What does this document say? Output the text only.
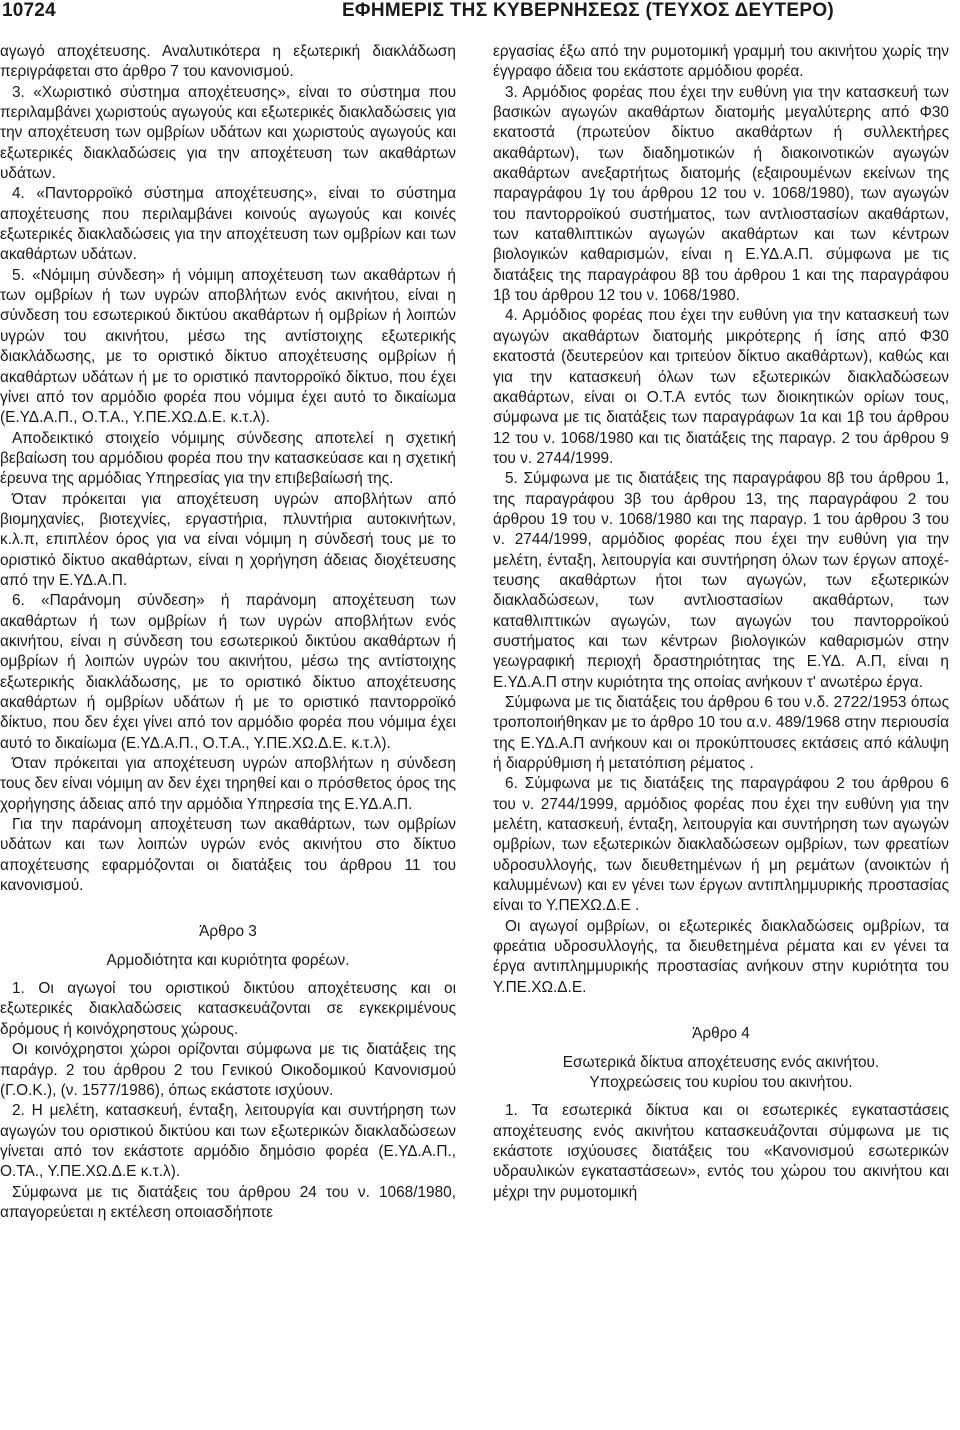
10724	ΕΦΗΜΕΡΙΣ ΤΗΣ ΚΥΒΕΡΝΗΣΕΩΣ (ΤΕΥΧΟΣ ΔΕΥΤΕΡΟ)

αγωγό αποχέτευσης. Αναλυτικότερα η εξωτερική διακλάδωση περιγράφεται στο άρθρο 7 του κανονισμού.

3. «Χωριστικό σύστημα αποχέτευσης», είναι το σύστημα που περιλαμβάνει χωριστούς αγωγούς και εξωτερικές διακλαδώσεις για την αποχέτευση των ομβρίων υδάτων και χωριστούς αγωγούς και εξωτερικές διακλαδώσεις για την αποχέτευση των ακαθάρτων υδάτων.

4. «Παντορροϊκό σύστημα αποχέτευσης», είναι το σύστημα αποχέτευσης που περιλαμβάνει κοινούς αγωγούς και κοινές εξωτερικές διακλαδώσεις για την αποχέτευση των ομβρίων και των ακαθάρτων υδάτων.

5. «Νόμιμη σύνδεση» ή νόμιμη αποχέτευση των ακαθάρτων ή των ομβρίων ή των υγρών αποβλήτων ενός ακινήτου, είναι η σύνδεση του εσωτερικού δικτύου ακαθάρτων ή ομβρίων ή λοιπών υγρών του ακινήτου, μέσω της αντίστοιχης εξωτερικής διακλάδωσης, με το οριστικό δίκτυο αποχέτευσης ομβρίων ή ακαθάρτων υδάτων ή με το οριστικό παντορροϊκό δίκτυο, που έχει γίνει από τον αρμόδιο φορέα που νόμιμα έχει αυτό το δικαίωμα (Ε.ΥΔ.Α.Π., Ο.Τ.Α., Υ.ΠΕ.ΧΩ.Δ.Ε. κ.τ.λ).

Αποδεικτικό στοιχείο νόμιμης σύνδεσης αποτελεί η σχετική βεβαίωση του αρμόδιου φορέα που την κατασκεύασε και η σχετική έρευνα της αρμόδιας Υπηρεσίας για την επιβεβαίωσή της.

Όταν πρόκειται για αποχέτευση υγρών αποβλήτων από βιομηχανίες, βιοτεχνίες, εργαστήρια, πλυντήρια αυτοκινήτων, κ.λ.π, επιπλέον όρος για να είναι νόμιμη η σύνδεσή τους με το οριστικό δίκτυο ακαθάρτων, είναι η χορήγηση άδειας διοχέτευσης από την Ε.ΥΔ.Α.Π.

6. «Παράνομη σύνδεση» ή παράνομη αποχέτευση των ακαθάρτων ή των ομβρίων ή των υγρών αποβλήτων ενός ακινήτου, είναι η σύνδεση του εσωτερικού δικτύου ακαθάρτων ή ομβρίων ή λοιπών υγρών του ακινήτου, μέσω της αντίστοιχης εξωτερικής διακλάδωσης, με το οριστικό δίκτυο αποχέτευσης ακαθάρτων ή ομβρίων υδάτων ή με το οριστικό παντορροϊκό δίκτυο, που δεν έχει γίνει από τον αρμόδιο φορέα που νόμιμα έχει αυτό το δικαίωμα (Ε.ΥΔ.Α.Π., Ο.Τ.Α., Υ.ΠΕ.ΧΩ.Δ.Ε. κ.τ.λ).

Όταν πρόκειται για αποχέτευση υγρών αποβλήτων η σύνδεση τους δεν είναι νόμιμη αν δεν έχει τηρηθεί και ο πρόσθετος όρος της χορήγησης άδειας από την αρμόδια Υπηρεσία της Ε.ΥΔ.Α.Π.

Για την παράνομη αποχέτευση των ακαθάρτων, των ομβρίων υδάτων και των λοιπών υγρών ενός ακινήτου στο δίκτυο αποχέτευσης εφαρμόζονται οι διατάξεις του άρθρου 11 του κανονισμού.

Άρθρο 3

Αρμοδιότητα και κυριότητα φορέων.

1. Οι αγωγοί του οριστικού δικτύου αποχέτευσης και οι εξωτερικές διακλαδώσεις κατασκευάζονται σε εγκεκριμένους δρόμους ή κοινόχρηστους χώρους.

Οι κοινόχρηστοι χώροι ορίζονται σύμφωνα με τις διατάξεις της παράγρ. 2 του άρθρου 2 του Γενικού Οικοδομικού Κανονισμού (Γ.Ο.Κ.), (ν. 1577/1986), όπως εκάστοτε ισχύουν.

2. Η μελέτη, κατασκευή, ένταξη, λειτουργία και συντήρηση των αγωγών του οριστικού δικτύου και των εξωτερικών διακλαδώσεων γίνεται από τον εκάστοτε αρμόδιο δημόσιο φορέα (Ε.ΥΔ.Α.Π., Ο.ΤΑ., Υ.ΠΕ.ΧΩ.Δ.Ε κ.τ.λ).

Σύμφωνα με τις διατάξεις του άρθρου 24 του ν. 1068/1980, απαγορεύεται η εκτέλεση οποιασδήποτε

εργασίας έξω από την ρυμοτομική γραμμή του ακινήτου χωρίς την έγγραφο άδεια του εκάστοτε αρμόδιου φορέα.

3. Αρμόδιος φορέας που έχει την ευθύνη για την κατασκευή των βασικών αγωγών ακαθάρτων διατομής μεγαλύτερης από Φ30 εκατοστά (πρωτεύον δίκτυο ακαθάρτων ή συλλεκτήρες ακαθάρτων), των διαδημοτικών ή διακοινοτικών αγωγών ακαθάρτων ανεξαρτήτως διατομής (εξαιρουμένων εκείνων της παραγράφου 1γ του άρθρου 12 του ν. 1068/1980), των αγωγών του παντορροϊκού συστήματος, των αντλιοστασίων ακαθάρτων, των καταθλιπτικών αγωγών ακαθάρτων και των κέντρων βιολογικών καθαρισμών, είναι η Ε.ΥΔ.Α.Π. σύμφωνα με τις διατάξεις της παραγράφου 8β του άρθρου 1 και της παραγράφου 1β του άρθρου 12 του ν. 1068/1980.

4. Αρμόδιος φορέας που έχει την ευθύνη για την κατασκευή των αγωγών ακαθάρτων διατομής μικρότερης ή ίσης από Φ30 εκατοστά (δευτερεύον και τριτεύον δίκτυο ακαθάρτων), καθώς και για την κατασκευή όλων των εξωτερικών διακλαδώσεων ακαθάρτων, είναι οι Ο.Τ.Α εντός των διοικητικών ορίων τους, σύμφωνα με τις διατάξεις των παραγράφων 1α και 1β του άρθρου 12 του ν. 1068/1980 και τις διατάξεις της παραγρ. 2 του άρθρου 9 του ν. 2744/1999.

5. Σύμφωνα με τις διατάξεις της παραγράφου 8β του άρθρου 1, της παραγράφου 3β του άρθρου 13, της παραγράφου 2 του άρθρου 19 του ν. 1068/1980 και της παραγρ. 1 του άρθρου 3 του ν. 2744/1999, αρμόδιος φορέας που έχει την ευθύνη για την μελέτη, ένταξη, λειτουργία και συντήρηση όλων των έργων αποχέτευσης ακαθάρτων ήτοι των αγωγών, των εξωτερικών διακλαδώσεων, των αντλιοστασίων ακαθάρτων, των καταθλιπτικών αγωγών, των αγωγών του παντορροϊκού συστήματος και των κέντρων βιολογικών καθαρισμών στην γεωγραφική περιοχή δραστηριότητας της Ε.ΥΔ. Α.Π, είναι η Ε.ΥΔ.Α.Π στην κυριότητα της οποίας ανήκουν τ' ανωτέρω έργα.

Σύμφωνα με τις διατάξεις του άρθρου 6 του ν.δ. 2722/1953 όπως τροποποιήθηκαν με το άρθρο 10 του α.ν. 489/1968 στην περιουσία της Ε.ΥΔ.Α.Π ανήκουν και οι προκύπτουσες εκτάσεις από κάλυψη ή διαρρύθμιση ή μετατόπιση ρέματος .

6. Σύμφωνα με τις διατάξεις της παραγράφου 2 του άρθρου 6 του ν. 2744/1999, αρμόδιος φορέας που έχει την ευθύνη για την μελέτη, κατασκευή, ένταξη, λειτουργία και συντήρηση των αγωγών ομβρίων, των εξωτερικών διακλαδώσεων ομβρίων, των φρεατίων υδροσυλλογής, των διευθετημένων ή μη ρεμάτων (ανοικτών ή καλυμμένων) και εν γένει των έργων αντιπλημμυρικής προστασίας είναι το Υ.ΠΕΧΩ.Δ.Ε .

Οι αγωγοί ομβρίων, οι εξωτερικές διακλαδώσεις ομβρίων, τα φρεάτια υδροσυλλογής, τα διευθετημένα ρέματα και εν γένει τα έργα αντιπλημμυρικής προστασίας ανήκουν στην κυριότητα του Υ.ΠΕ.ΧΩ.Δ.Ε.

Άρθρο 4

Εσωτερικά δίκτυα αποχέτευσης ενός ακινήτου.

Υποχρεώσεις του κυρίου του ακινήτου.

1. Τα εσωτερικά δίκτυα και οι εσωτερικές εγκαταστάσεις αποχέτευσης ενός ακινήτου κατασκευάζονται σύμφωνα με τις εκάστοτε ισχύουσες διατάξεις του «Κανονισμού εσωτερικών υδραυλικών εγκαταστάσεων», εντός του χώρου του ακινήτου και μέχρι την ρυμοτομική
